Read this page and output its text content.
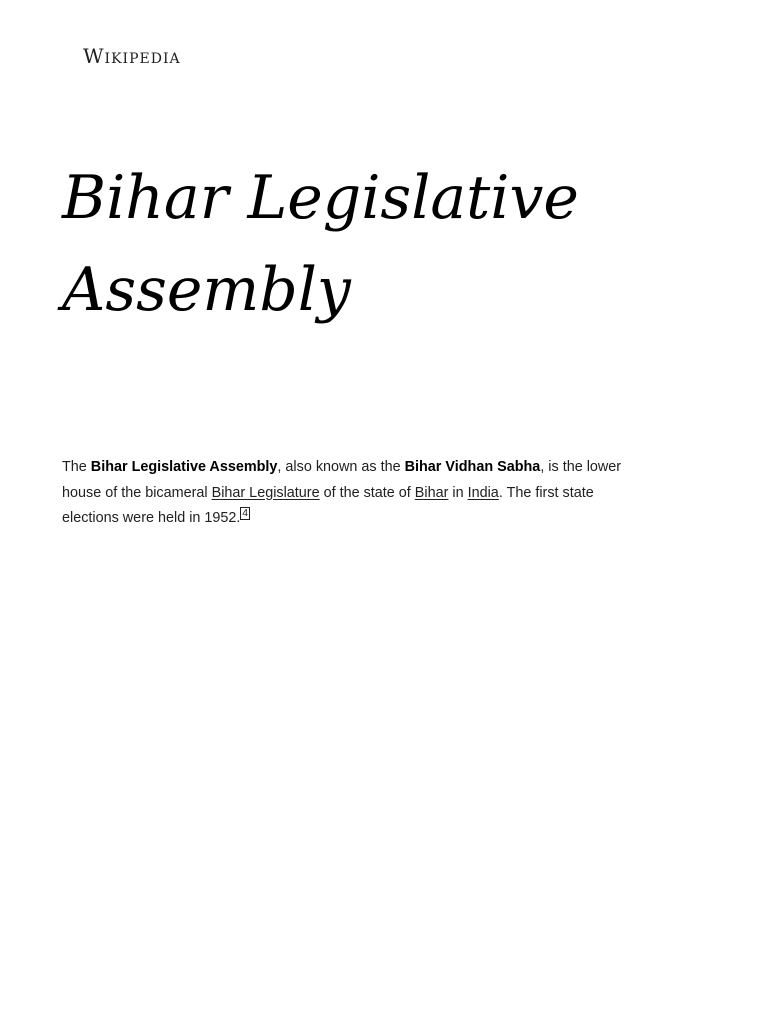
Wikipedia
Bihar Legislative Assembly

The Bihar Legislative Assembly, also known as the Bihar Vidhan Sabha, is the lower house of the bicameral Bihar Legislature of the state of Bihar in India. The first state elections were held in 1952. $^4$
